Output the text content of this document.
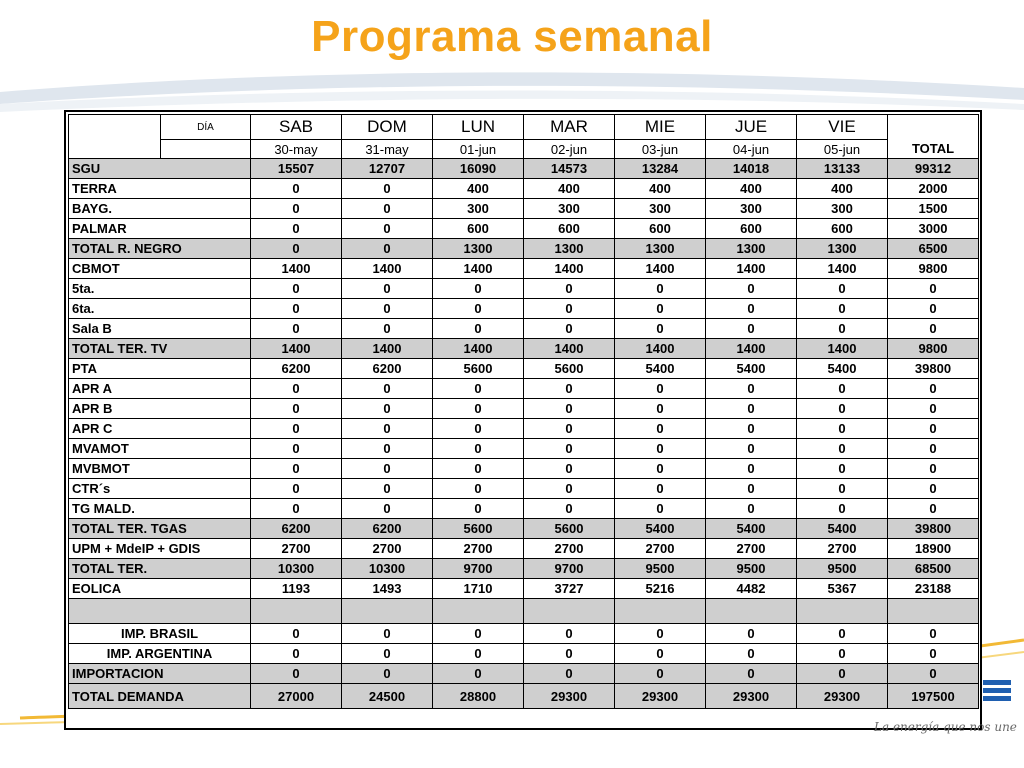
Programa semanal
	DÍA	SAB	DOM	LUN	MAR	MIE	JUE	VIE	
		30-may	31-may	01-jun	02-jun	03-jun	04-jun	05-jun	TOTAL
SGU		15507	12707	16090	14573	13284	14018	13133	99312
TERRA		0	0	400	400	400	400	400	2000
BAYG.		0	0	300	300	300	300	300	1500
PALMAR		0	0	600	600	600	600	600	3000
TOTAL R. NEGRO		0	0	1300	1300	1300	1300	1300	6500
CBMOT		1400	1400	1400	1400	1400	1400	1400	9800
5ta.		0	0	0	0	0	0	0	0
6ta.		0	0	0	0	0	0	0	0
Sala B		0	0	0	0	0	0	0	0
TOTAL TER. TV		1400	1400	1400	1400	1400	1400	1400	9800
PTA		6200	6200	5600	5600	5400	5400	5400	39800
APR A		0	0	0	0	0	0	0	0
APR B		0	0	0	0	0	0	0	0
APR C		0	0	0	0	0	0	0	0
MVAMOT		0	0	0	0	0	0	0	0
MVBMOT		0	0	0	0	0	0	0	0
CTR´s		0	0	0	0	0	0	0	0
TG MALD.		0	0	0	0	0	0	0	0
TOTAL TER. TGAS		6200	6200	5600	5600	5400	5400	5400	39800
UPM + MdeIP + GDIS		2700	2700	2700	2700	2700	2700	2700	18900
TOTAL TER.		10300	10300	9700	9700	9500	9500	9500	68500
EOLICA		1193	1493	1710	3727	5216	4482	5367	23188

IMP. BRASIL		0	0	0	0	0	0	0	0
IMP. ARGENTINA		0	0	0	0	0	0	0	0
IMPORTACION		0	0	0	0	0	0	0	0
TOTAL DEMANDA		27000	24500	28800	29300	29300	29300	29300	197500
La energía que nos une
